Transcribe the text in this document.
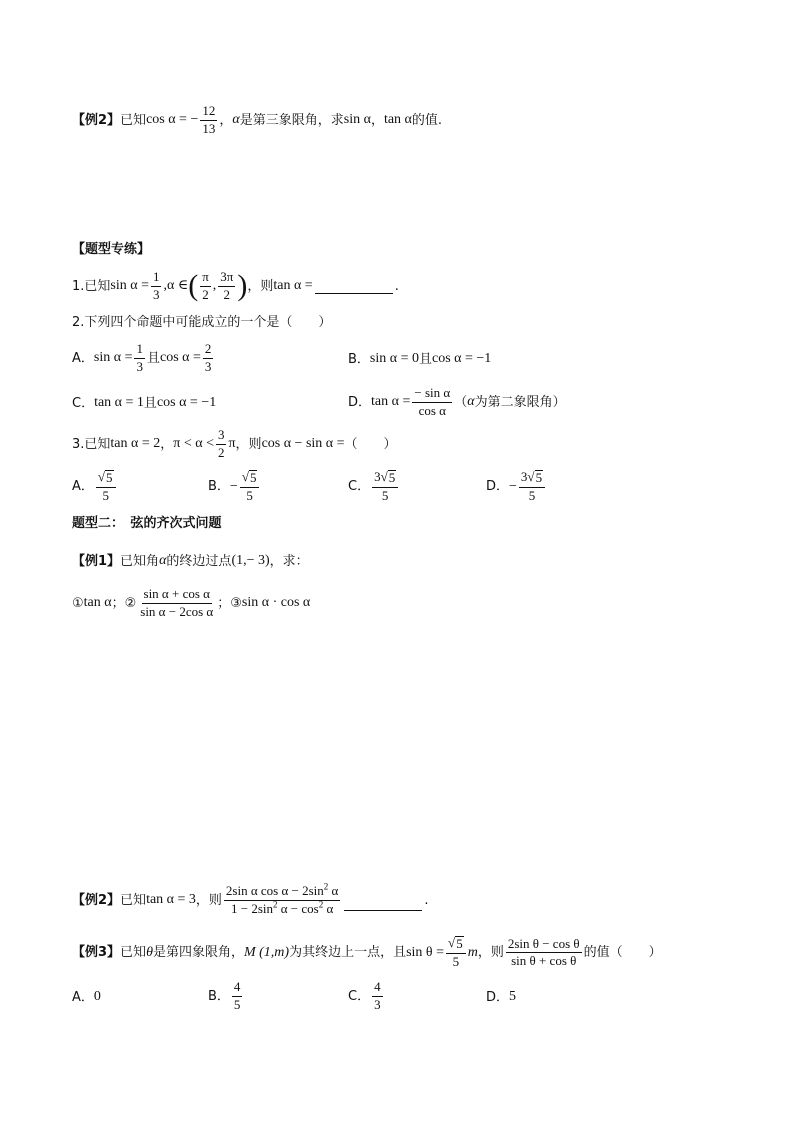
【例2】 已知 cos α = − $\frac{12}{13}$ ， α 是第三象限角，求 sin α ， tan α 的值.
【题型专练】
1.已知 $\sin \alpha = \frac{1}{3} ,\alpha$ ∈ ( $\frac{\pi}{2}$ , $\frac{3\pi}{2}$ ) ，则 tan α =	.
2.下列四个命题中可能成立的一个是（　　）
A． $\sin \alpha = \frac{1}{3}$ 且 $\cos \alpha = \frac{2}{3}$	B． sin α = 0 且 cos α = −1
C． tan α = 1 且 cos α = −1	D． $\tan \alpha = \frac{\text{− sin α}}{\text{cos α}}$ （ α 为第二象限角）
3.已知 tan α = 2 ， $\pi < \alpha < \frac{3}{2}$ π ，则 cos α − sin α = （　　）
A． $\frac{√ 5}{5}$	B． − $\frac{√ 5}{5}$	C． $\frac{3√ 5}{5}$	D． − $\frac{3√ 5}{5}$
题型二：　弦的齐次式问题
【例1】 已知角 α 的终边过点 (1,− 3) ，求：
① tan α ；② $\frac{\text{sin α + cos α}}{\text{sin α − 2cos α}}$ ；③ sin α · cos α
【例2】 已知 tan α = 3 ，则 $\frac{2\sin \alpha \cos \alpha - 2\sin^2 \alpha}{1 - 2\sin^2 \alpha - \cos^2 \alpha}$	.
【例3】 已知 θ 是第四象限角， M (1,m) 为其终边上一点，且 $\sin \theta = \frac{√ 5}{5}$ m ，则 $\frac{\text{2sin θ − cos θ}}{\text{sin θ + cos θ}}$ 的值（　　）
A． 0	B． $\frac{4}{5}$	C． $\frac{4}{3}$	D． 5
